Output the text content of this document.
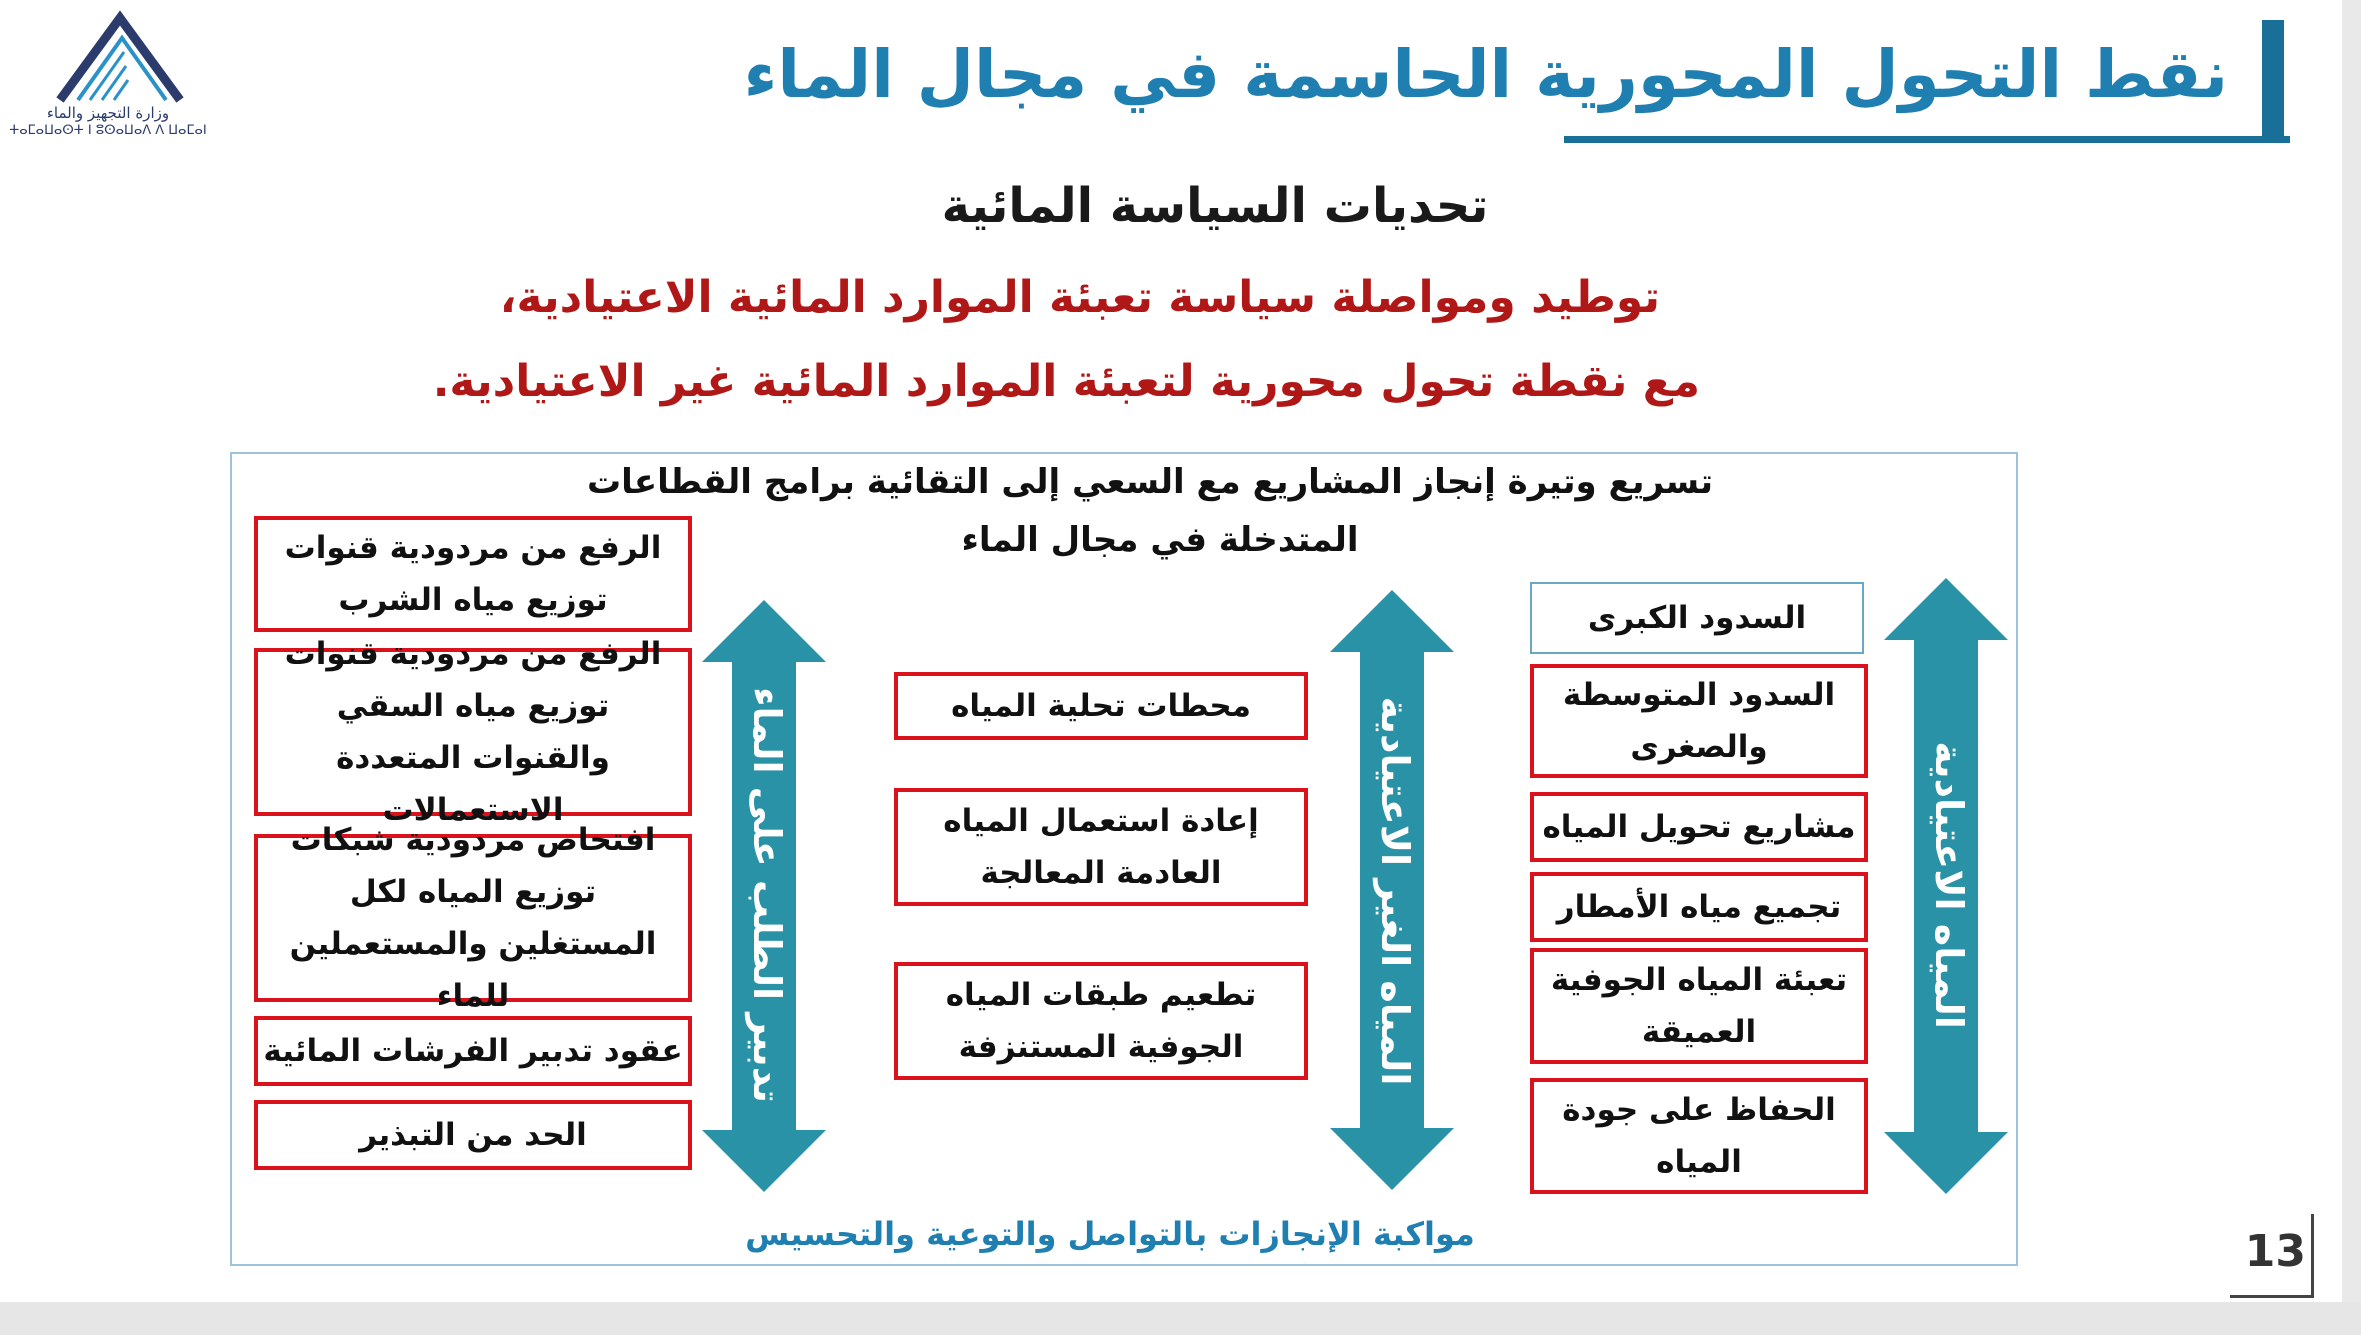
وزارة التجهيز والماء
ⵜⴰⵎⴰⵡⴰⵙⵜ ⵏ ⵓⵙⴰⵡⴰⴷ ⴷ ⵡⴰⵎⴰⵏ
نقط التحول المحورية الحاسمة في مجال الماء
تحديات السياسة المائية
توطيد ومواصلة سياسة تعبئة الموارد المائية الاعتيادية،
مع نقطة تحول محورية لتعبئة الموارد المائية غير الاعتيادية.
تسريع وتيرة إنجاز المشاريع مع السعي إلى التقائية برامج القطاعات
المتدخلة في مجال الماء
المياه الاعتيادية
المياه الغير الاعتيادية
تدبير الطلب على الماء
السدود الكبرى
السدود المتوسطة والصغرى
مشاريع تحويل المياه
تجميع مياه الأمطار
تعبئة المياه الجوفية العميقة
الحفاظ على جودة المياه
محطات تحلية المياه
إعادة استعمال المياه العادمة المعالجة
تطعيم طبقات المياه الجوفية المستنزفة
الرفع من مردودية قنوات توزيع مياه الشرب
الرفع من مردودية قنوات توزيع مياه السقي والقنوات المتعددة الاستعمالات
افتحاص مردودية شبكات توزيع المياه لكل المستغلين والمستعملين للماء
عقود تدبير الفرشات المائية
الحد من التبذير
مواكبة الإنجازات بالتواصل والتوعية والتحسيس	13
